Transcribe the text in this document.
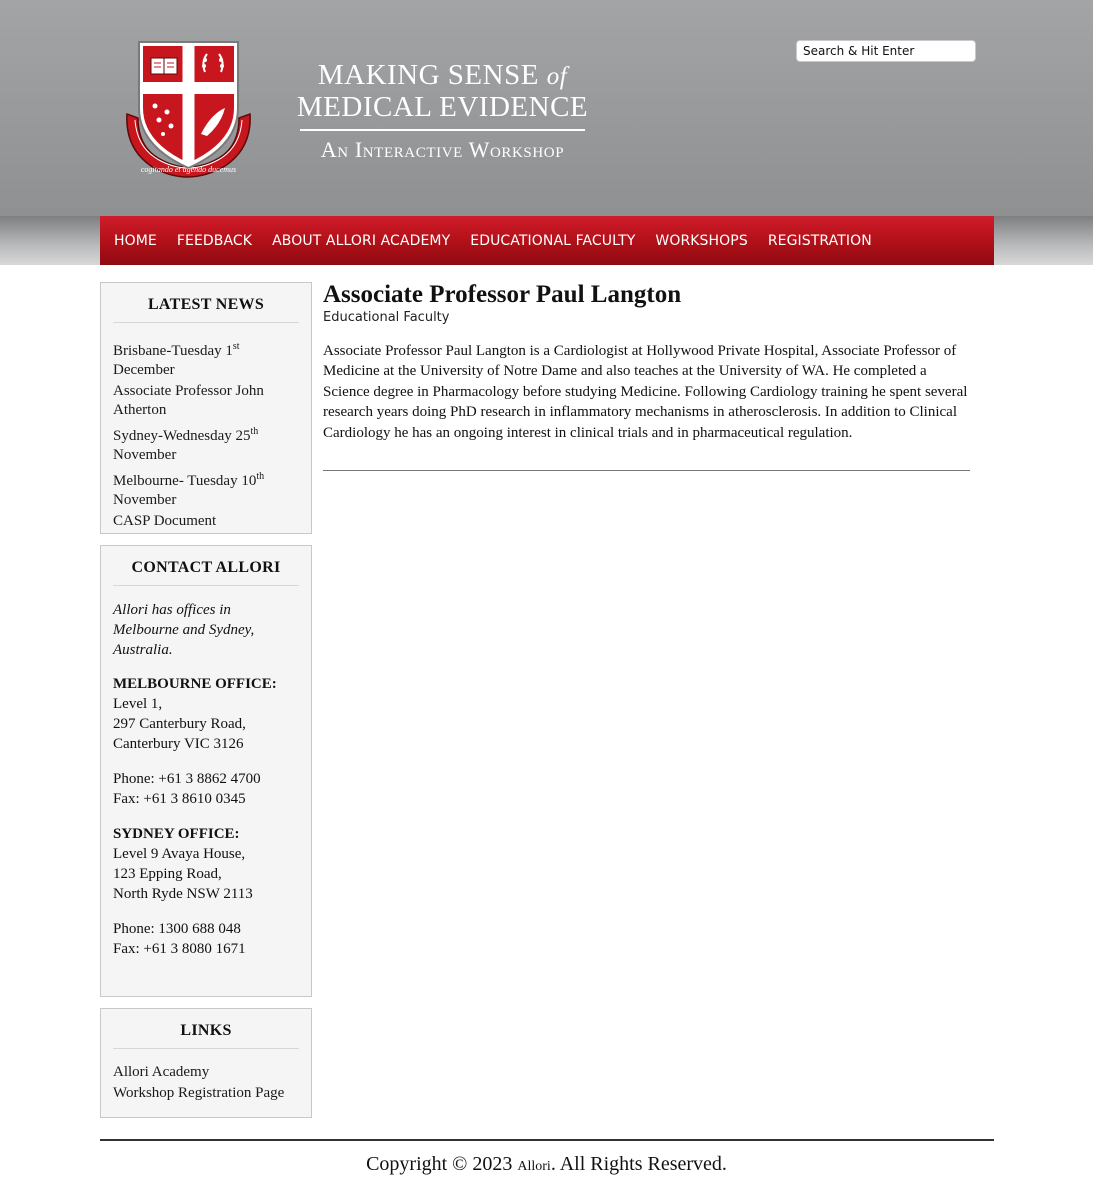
cogitando et agendo ducemus
MAKING SENSE of
MEDICAL EVIDENCE
An Interactive Workshop
Search & Hit Enter
HOME	FEEDBACK	ABOUT ALLORI ACADEMY	EDUCATIONAL FACULTY	WORKSHOPS	REGISTRATION
LATEST NEWS
Brisbane-Tuesday 1st
December
Associate Professor John Atherton
Sydney-Wednesday 25th
November
Melbourne- Tuesday 10th
November
CASP Document
CONTACT ALLORI

Allori has offices in Melbourne and Sydney, Australia.

MELBOURNE OFFICE:

Level 1,

297 Canterbury Road,

Canterbury VIC 3126

Phone: +61 3 8862 4700

Fax: +61 3 8610 0345

SYDNEY OFFICE:

Level 9 Avaya House,

123 Epping Road,

North Ryde NSW 2113

Phone: 1300 688 048

Fax: +61 3 8080 1671

LINKS
Allori Academy
Workshop Registration Page
Associate Professor Paul Langton
Educational Faculty

Associate Professor Paul Langton is a Cardiologist at Hollywood Private Hospital, Associate Professor of Medicine at the University of Notre Dame and also teaches at the University of WA. He completed a Science degree in Pharmacology before studying Medicine. Following Cardiology training he spent several research years doing PhD research in inflammatory mechanisms in atherosclerosis. In addition to Clinical Cardiology he has an ongoing interest in clinical trials and in pharmaceutical regulation.

Copyright © 2023 Allori. All Rights Reserved.
